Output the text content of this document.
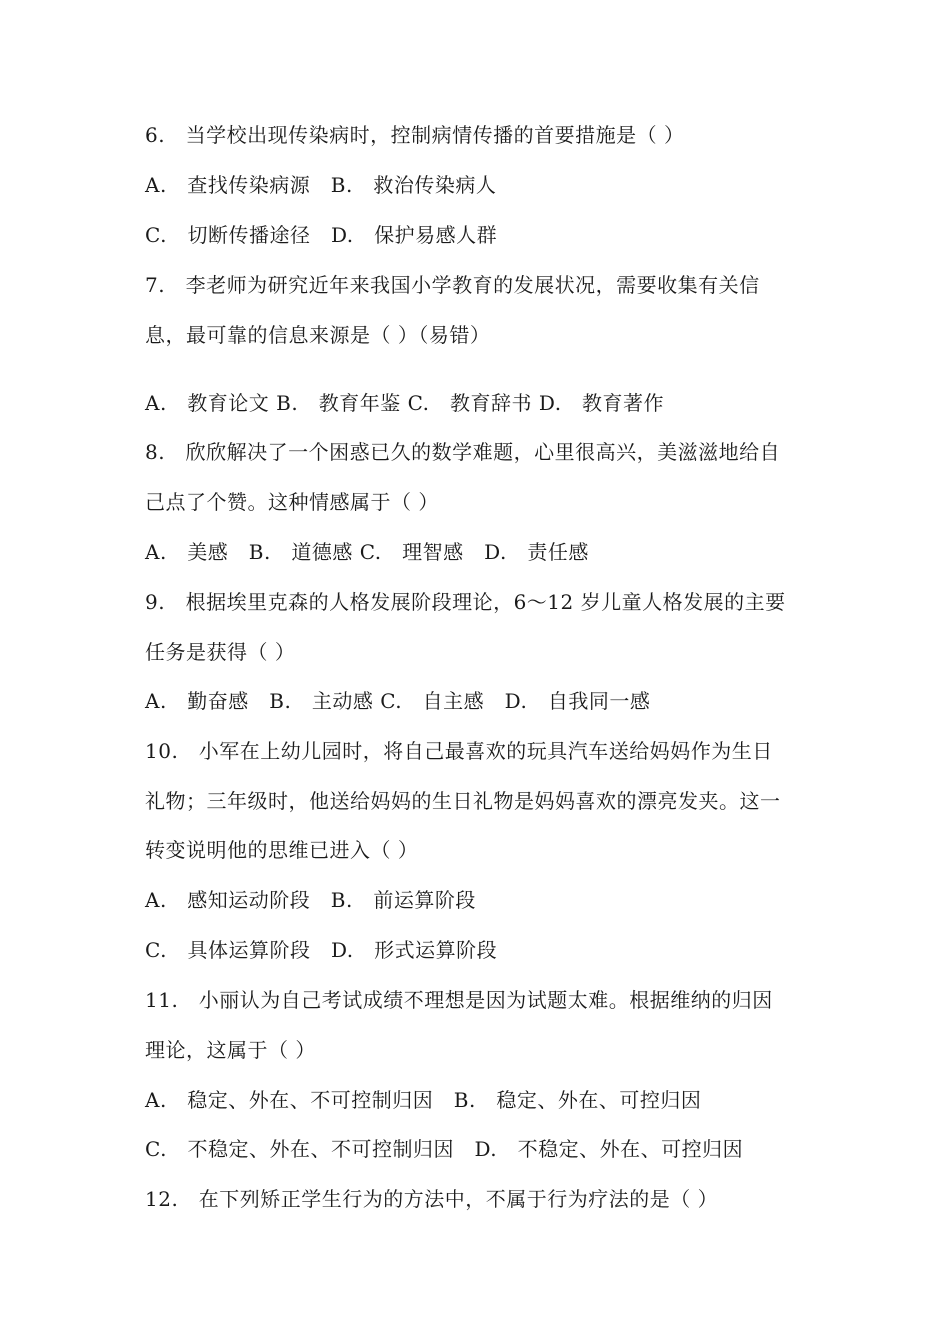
6.　当学校出现传染病时，控制病情传播的首要措施是（ ）
A.　查找传染病源　B.　救治传染病人
C.　切断传播途径　D.　保护易感人群
7.　李老师为研究近年来我国小学教育的发展状况，需要收集有关信
息，最可靠的信息来源是（ ）（易错）
A.　教育论文 B.　教育年鉴 C.　教育辞书 D.　教育著作
8.　欣欣解决了一个困惑已久的数学难题，心里很高兴，美滋滋地给自
己点了个赞。这种情感属于（ ）
A.　美感　B.　道德感 C.　理智感　D.　责任感
9.　根据埃里克森的人格发展阶段理论，6～12 岁儿童人格发展的主要
任务是获得（ ）
A.　勤奋感　B.　主动感 C.　自主感　D.　自我同一感
10.　小军在上幼儿园时，将自己最喜欢的玩具汽车送给妈妈作为生日
礼物；三年级时，他送给妈妈的生日礼物是妈妈喜欢的漂亮发夹。这一
转变说明他的思维已进入（ ）
A.　感知运动阶段　B.　前运算阶段
C.　具体运算阶段　D.　形式运算阶段
11.　小丽认为自己考试成绩不理想是因为试题太难。根据维纳的归因
理论，这属于（ ）
A.　稳定、外在、不可控制归因　B.　稳定、外在、可控归因
C.　不稳定、外在、不可控制归因　D.　不稳定、外在、可控归因
12.　在下列矫正学生行为的方法中，不属于行为疗法的是（ ）
